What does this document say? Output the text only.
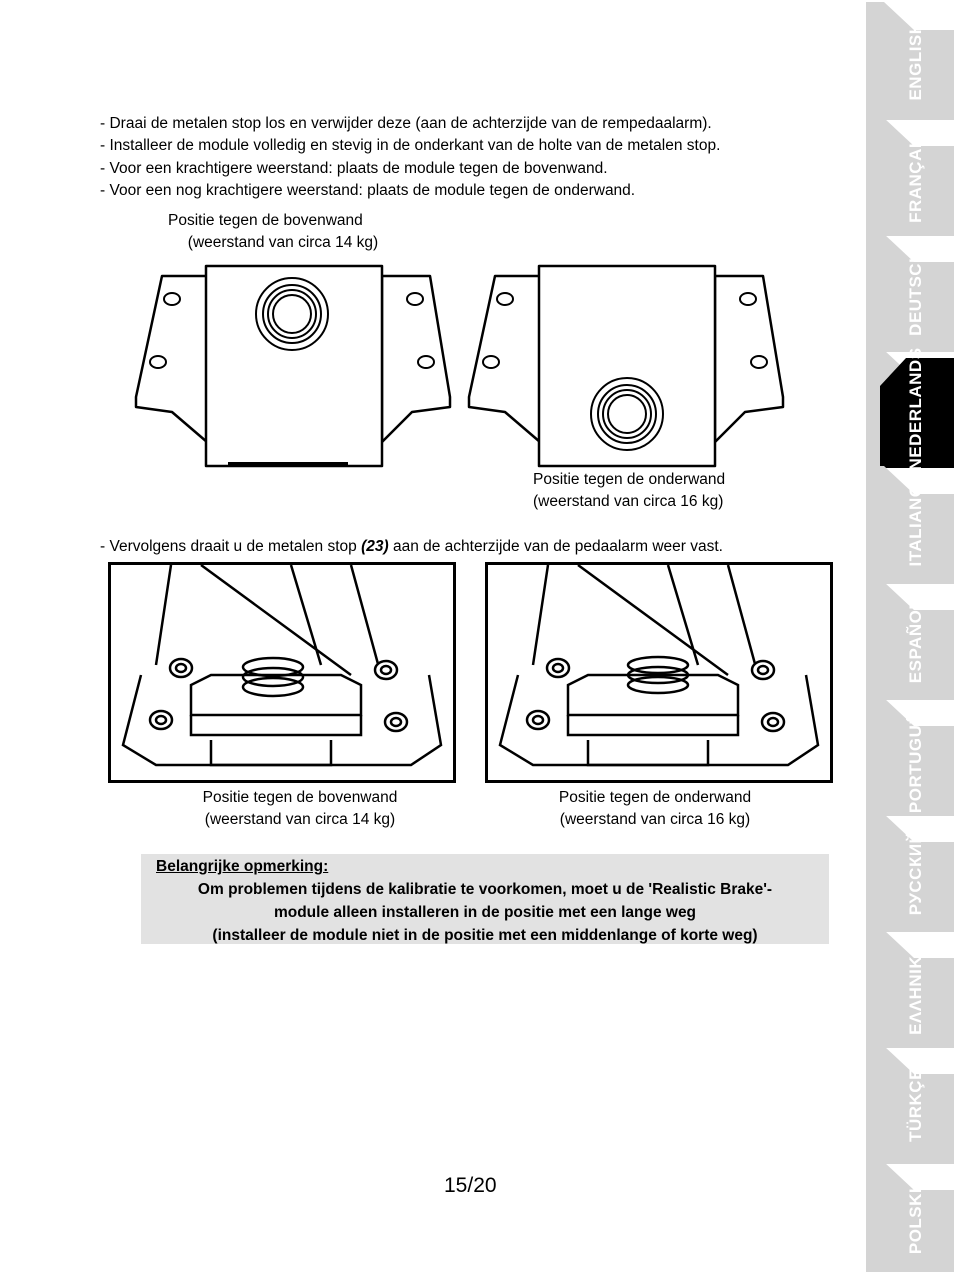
- Draai de metalen stop los en verwijder deze (aan de achterzijde van de rempedaalarm).
- Installeer de module volledig en stevig in de onderkant van de holte van de metalen stop.
- Voor een krachtigere weerstand: plaats de module tegen de bovenwand.
- Voor een nog krachtigere weerstand: plaats de module tegen de onderwand.
Positie tegen de bovenwand
(weerstand van circa 14 kg)
Positie tegen de onderwand
(weerstand van circa 16 kg)
- Vervolgens draait u de metalen stop (23) aan de achterzijde van de pedaalarm weer vast.
Positie tegen de bovenwand
(weerstand van circa 14 kg)
Positie tegen de onderwand
(weerstand van circa 16 kg)
Belangrijke opmerking:
Om problemen tijdens de kalibratie te voorkomen, moet u de 'Realistic Brake'-
module alleen installeren in de positie met een lange weg
(installeer de module niet in de positie met een middenlange of korte weg)
15/20
ENGLISH
FRANÇAIS
DEUTSCH
NEDERLANDS
ITALIANO
ESPAÑOL
PORTUGUÊS
РУССКИЙ
ΕΛΛΗΝΙΚΑ
TÜRKÇE
POLSKI
